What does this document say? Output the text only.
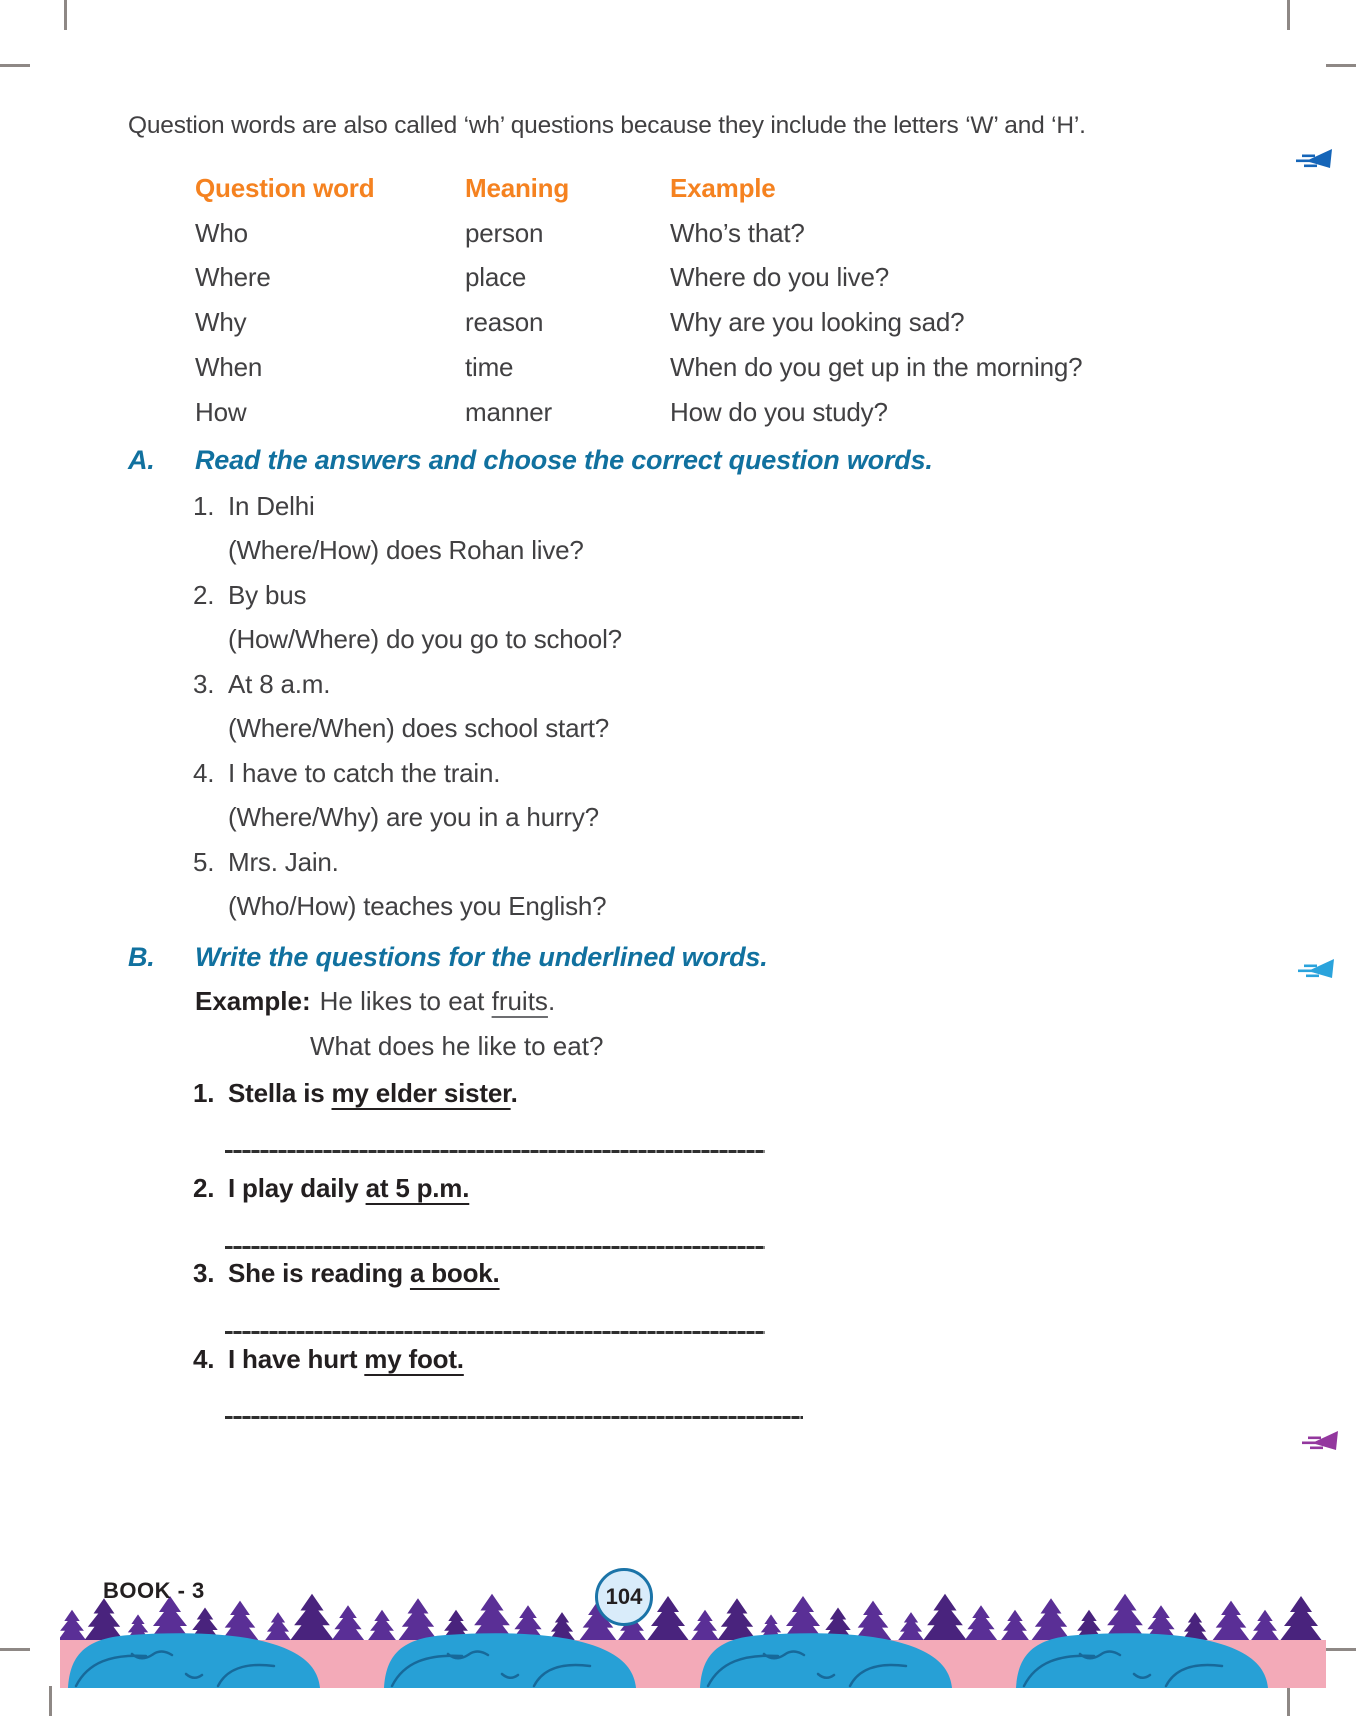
Question words are also called ‘wh’ questions because they include the letters ‘W’ and ‘H’.

Question word	Meaning	Example
Who	person	Who’s that?
Where	place	Where do you live?
Why	reason	Why are you looking sad?
When	time	When do you get up in the morning?
How	manner	How do you study?
A.	Read the answers and choose the correct question words.
1. In Delhi
(Where/How) does Rohan live?
2. By bus
(How/Where) do you go to school?
3. At 8 a.m.
(Where/When) does school start?
4. I have to catch the train.
(Where/Why) are you in a hurry?
5. Mrs. Jain.
(Who/How) teaches you English?
B.	Write the questions for the underlined words.
Example: He likes to eat fruits.
What does he like to eat?
1. Stella is my elder sister.
2. I play daily at 5 p.m.
3. She is reading a book.
4. I have hurt my foot.
BOOK - 3	104
